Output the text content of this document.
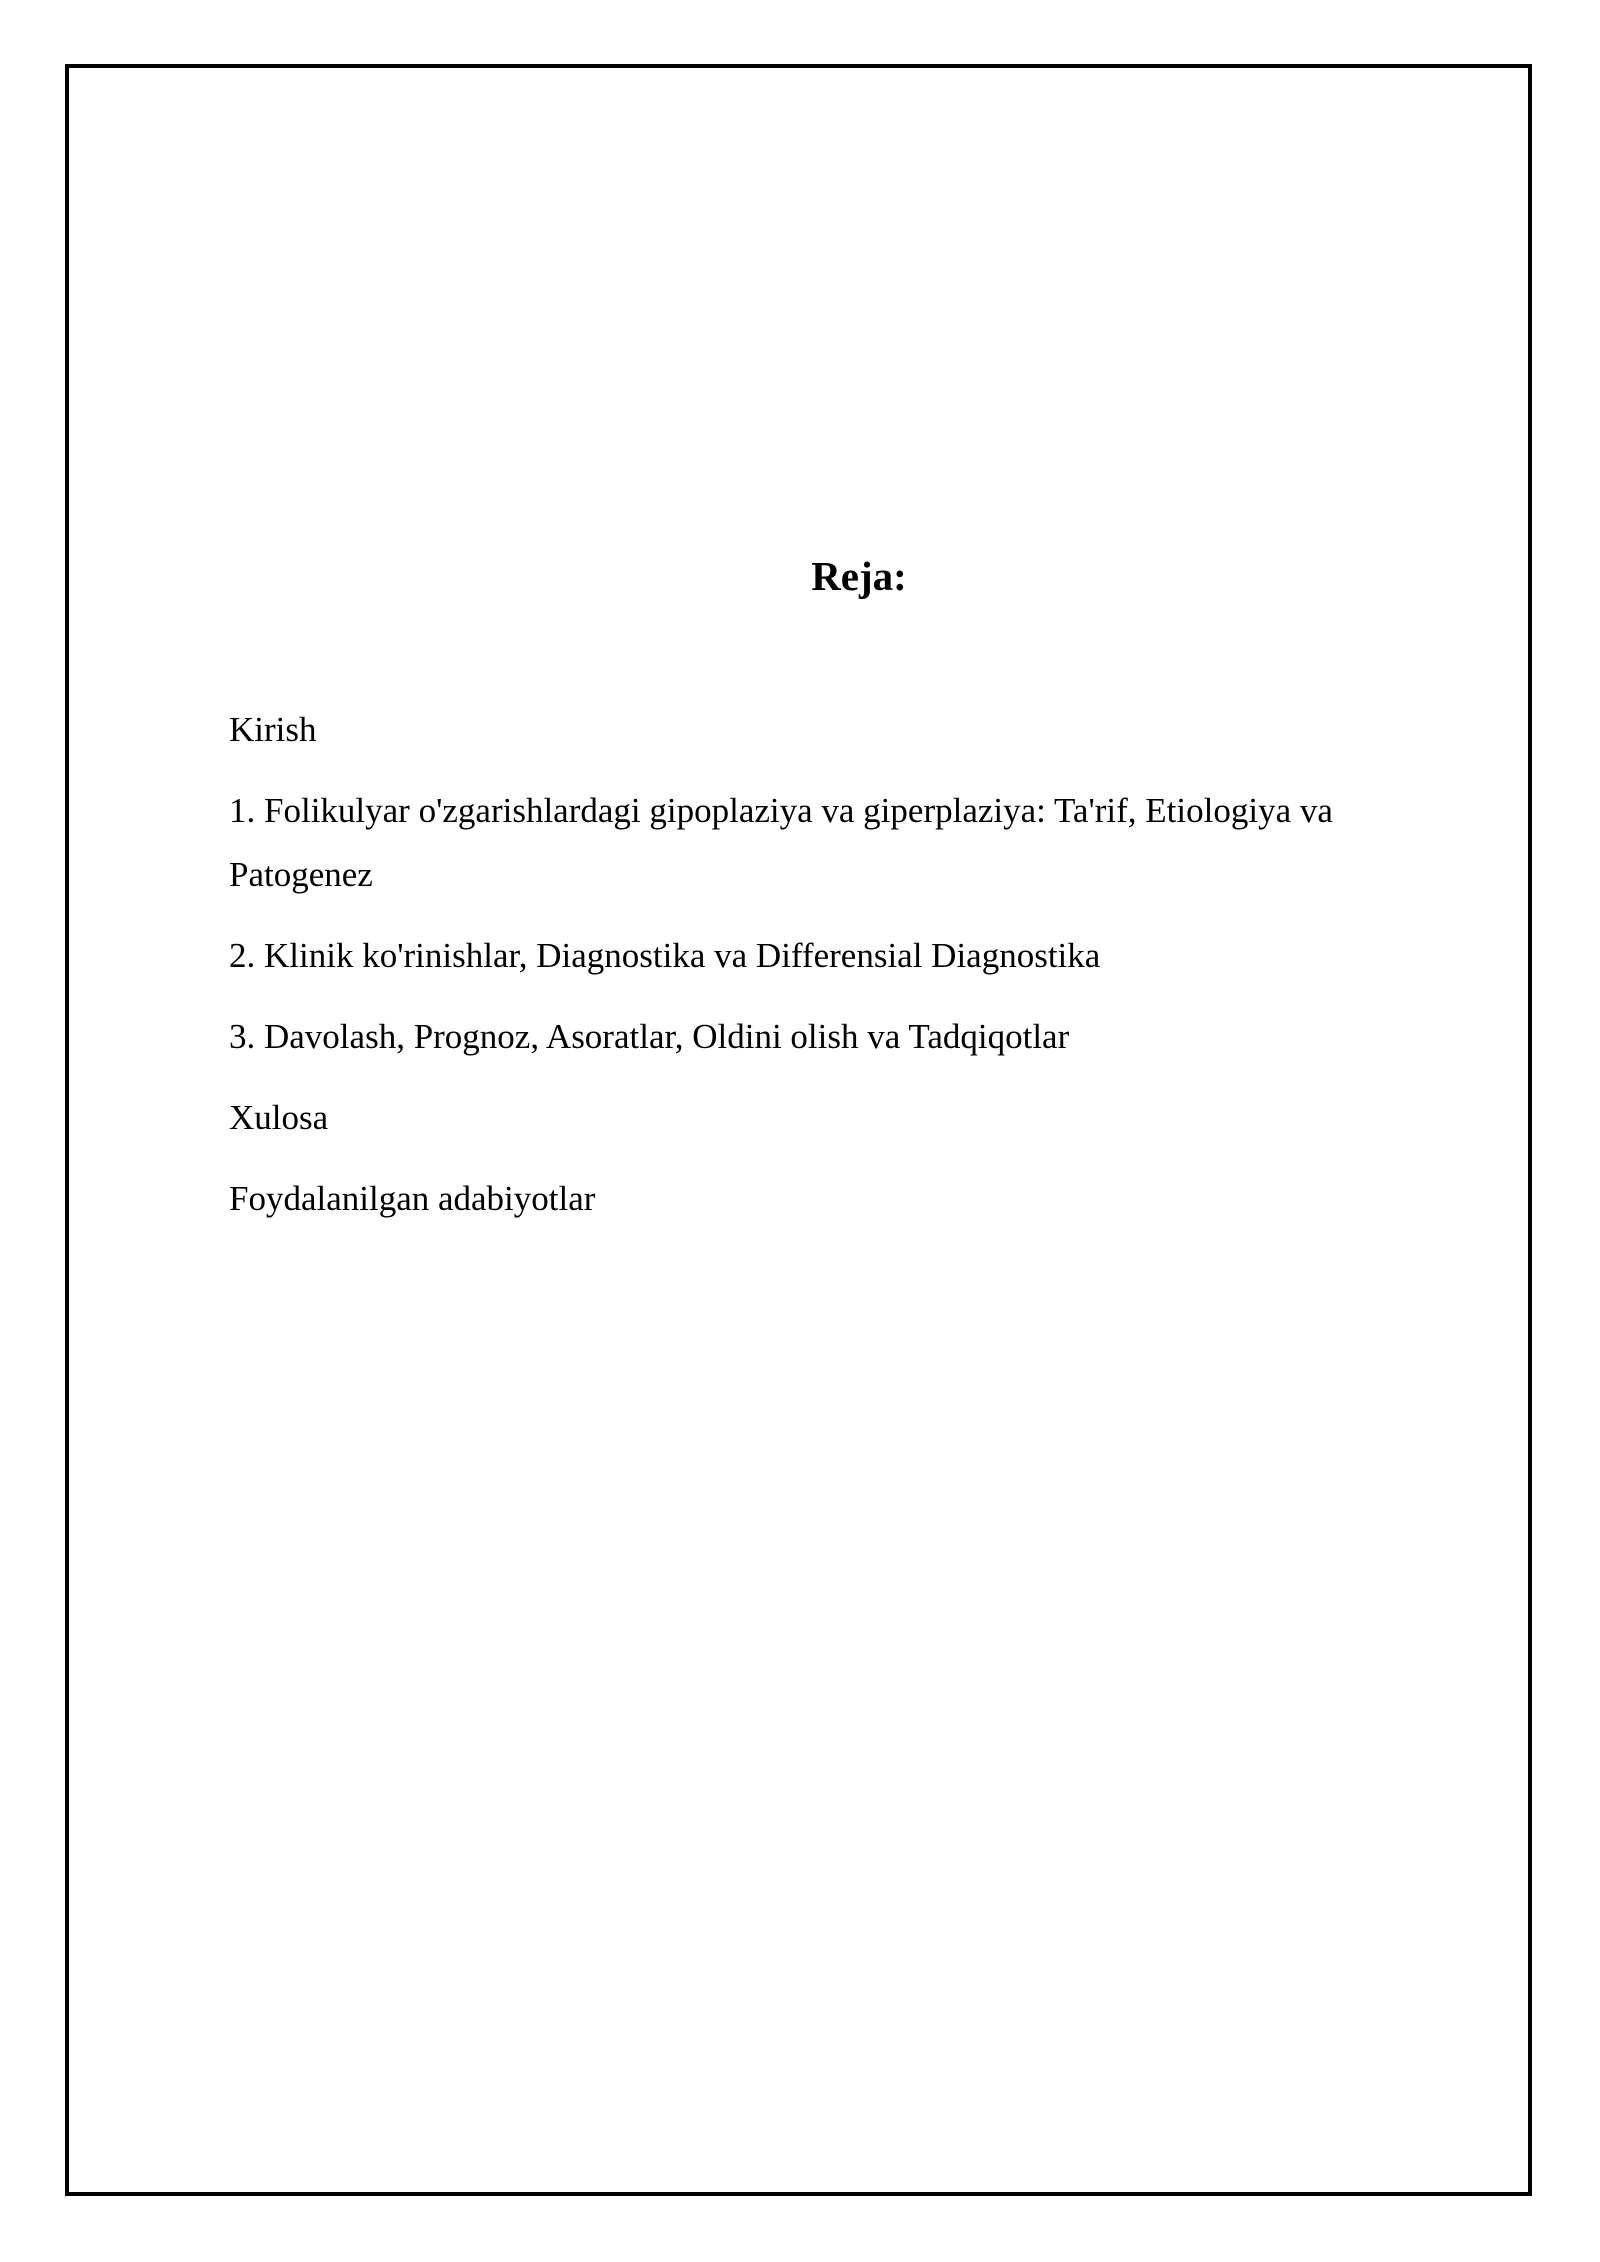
Reja:

Kirish

1. Folikulyar o'zgarishlardagi gipoplaziya va giperplaziya: Ta'rif, Etiologiya va Patogenez

2. Klinik ko'rinishlar, Diagnostika va Differensial Diagnostika

3. Davolash, Prognoz, Asoratlar, Oldini olish va Tadqiqotlar

Xulosa

Foydalanilgan adabiyotlar
